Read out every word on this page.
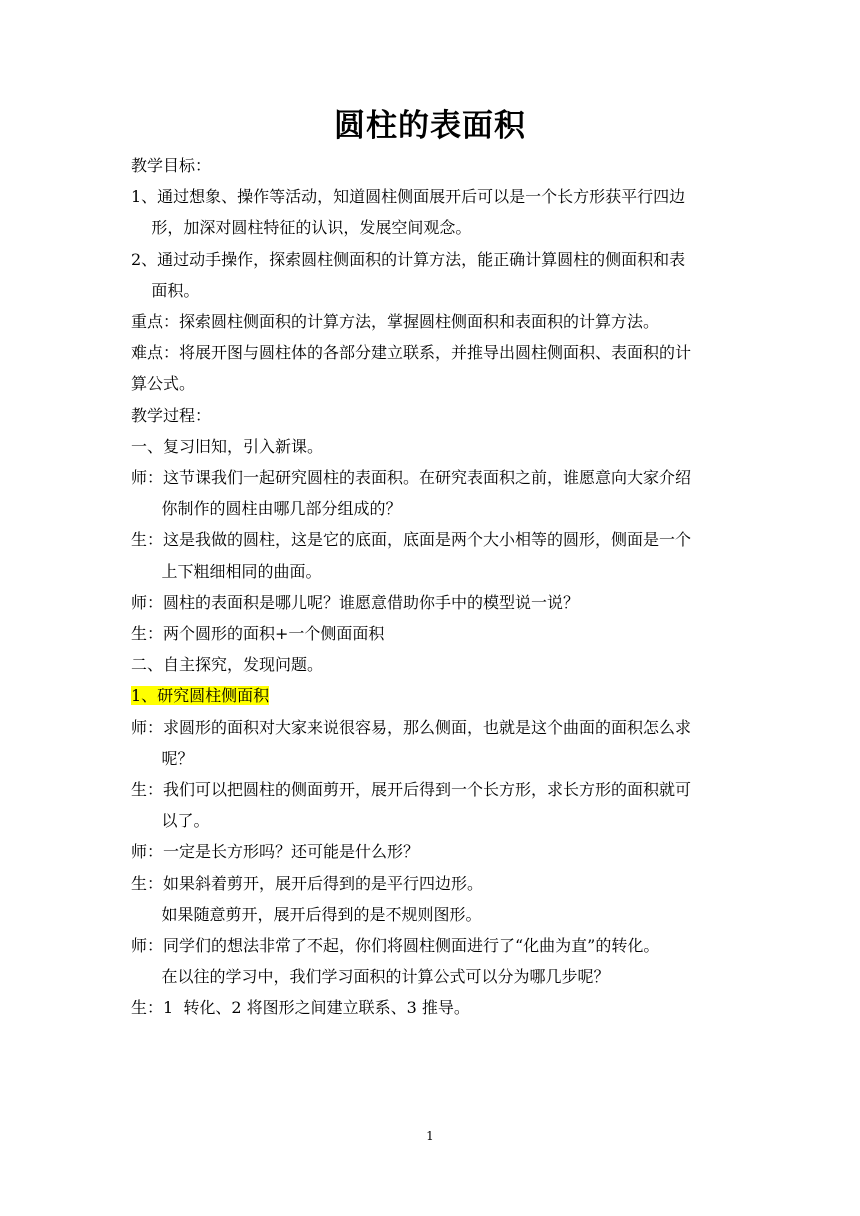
圆柱的表面积

教学目标：

1、通过想象、操作等活动，知道圆柱侧面展开后可以是一个长方形获平行四边

形，加深对圆柱特征的认识，发展空间观念。

2、通过动手操作，探索圆柱侧面积的计算方法，能正确计算圆柱的侧面积和表

面积。

重点：探索圆柱侧面积的计算方法，掌握圆柱侧面积和表面积的计算方法。

难点：将展开图与圆柱体的各部分建立联系，并推导出圆柱侧面积、表面积的计

算公式。

教学过程：

一、复习旧知，引入新课。

师：这节课我们一起研究圆柱的表面积。在研究表面积之前，谁愿意向大家介绍

你制作的圆柱由哪几部分组成的？

生：这是我做的圆柱，这是它的底面，底面是两个大小相等的圆形，侧面是一个

上下粗细相同的曲面。

师：圆柱的表面积是哪儿呢？谁愿意借助你手中的模型说一说？

生：两个圆形的面积+一个侧面面积

二、自主探究，发现问题。

1、研究圆柱侧面积

师：求圆形的面积对大家来说很容易，那么侧面，也就是这个曲面的面积怎么求

呢？

生：我们可以把圆柱的侧面剪开，展开后得到一个长方形，求长方形的面积就可

以了。

师：一定是长方形吗？还可能是什么形？

生：如果斜着剪开，展开后得到的是平行四边形。

如果随意剪开，展开后得到的是不规则图形。

师：同学们的想法非常了不起，你们将圆柱侧面进行了“化曲为直”的转化。

在以往的学习中，我们学习面积的计算公式可以分为哪几步呢？

生：1  转化、2 将图形之间建立联系、3 推导。

1
